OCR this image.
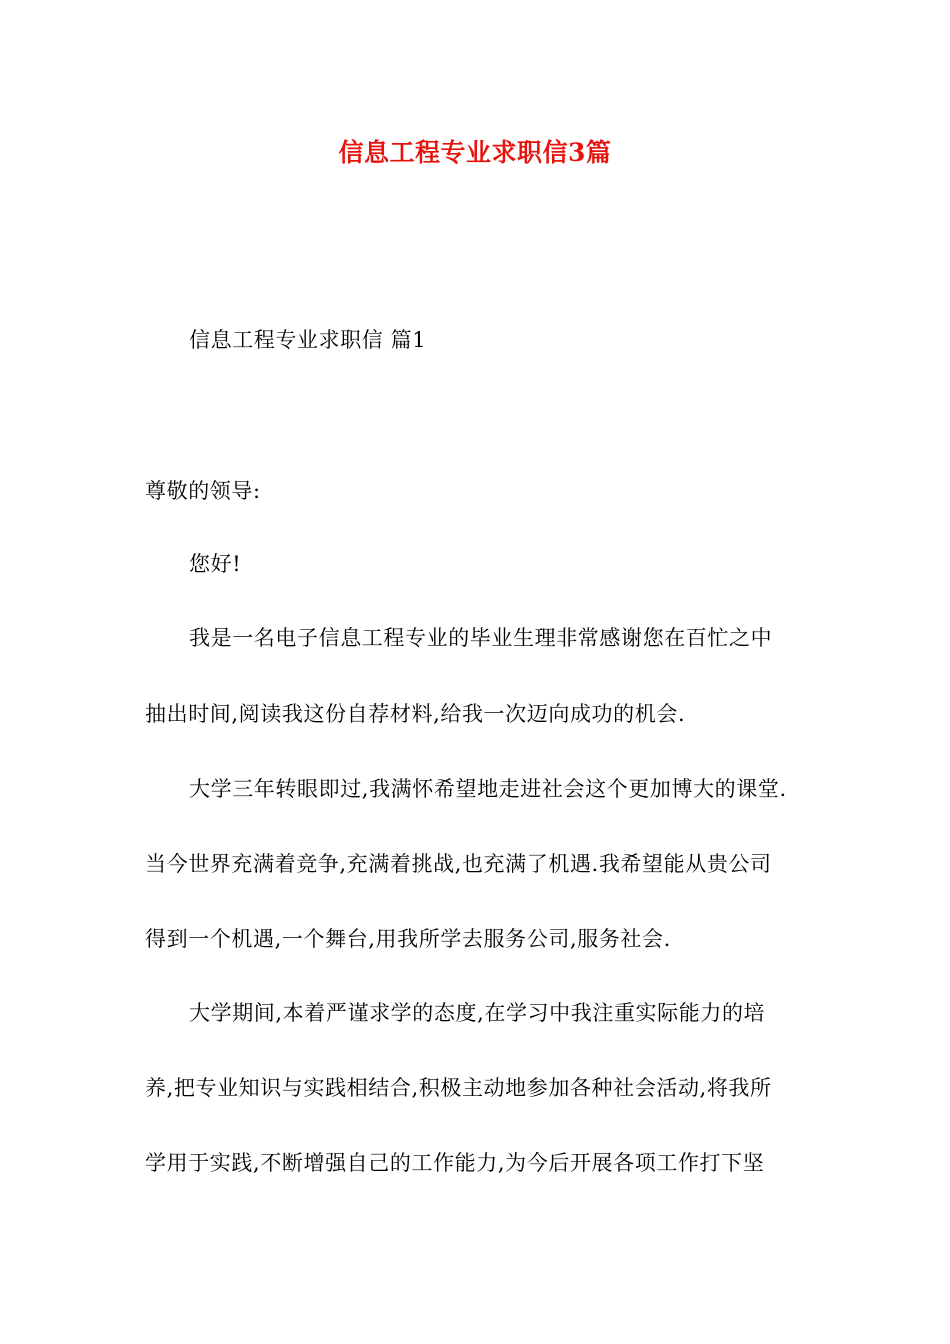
信息工程专业求职信3篇
信息工程专业求职信 篇1
尊敬的领导:
您好!
我是一名电子信息工程专业的毕业生理非常感谢您在百忙之中
抽出时间,阅读我这份自荐材料,给我一次迈向成功的机会.
大学三年转眼即过,我满怀希望地走进社会这个更加博大的课堂.
当今世界充满着竞争,充满着挑战,也充满了机遇.我希望能从贵公司
得到一个机遇,一个舞台,用我所学去服务公司,服务社会.
大学期间,本着严谨求学的态度,在学习中我注重实际能力的培
养,把专业知识与实践相结合,积极主动地参加各种社会活动,将我所
学用于实践,不断增强自己的工作能力,为今后开展各项工作打下坚
